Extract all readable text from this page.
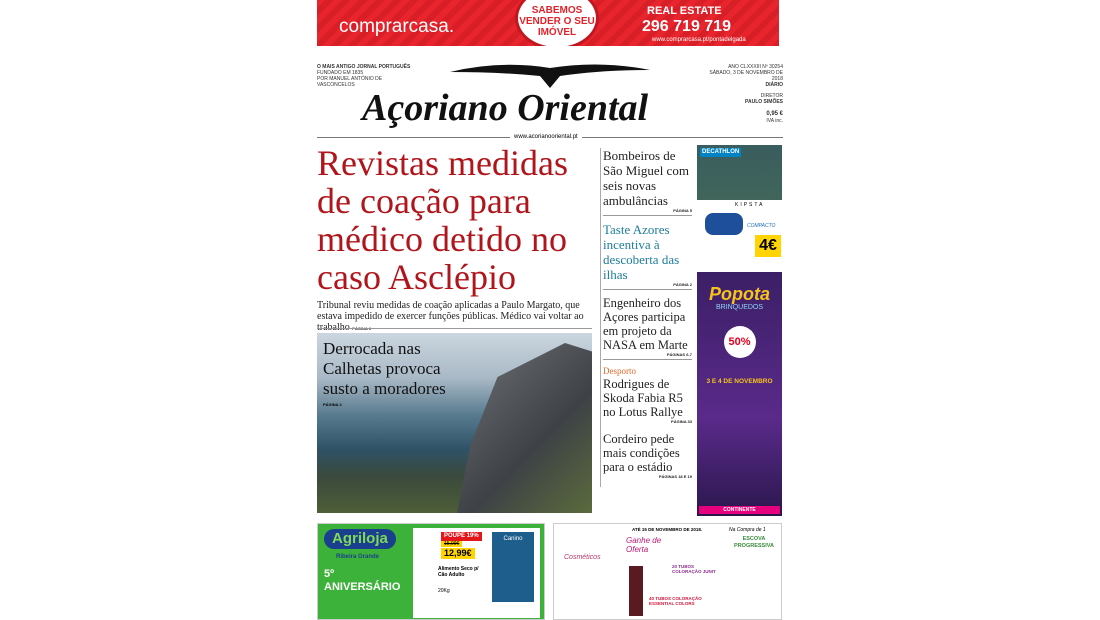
comprarcasa.
SABEMOS VENDER O SEU IMÓVEL
REAL ESTATE
296 719 719
www.comprarcasa.pt/pontadelgada
O MAIS ANTIGO JORNAL PORTUGUÊS
FUNDADO EM 1835
POR MANUEL ANTÓNIO DE VASCONCELOS
Açoriano Oriental
ANO CLXXXIII Nº 30254
SÁBADO, 3 DE NOVEMBRO DE 2018
DIÁRIO
DIRETOR
PAULO SIMÕES
0,95 €
IVA inc.
www.acorianooriental.pt
Revistas medidas de coação para médico detido no caso Asclépio
Tribunal reviu medidas de coação aplicadas a Paulo Margato, que estava impedido de exercer funções públicas. Médico vai voltar ao
Derrocada nas Calhetas provoca susto a moradores
PÁGINA 2
Bombeiros de São Miguel com seis novas ambulâncias
PÁGINA 5
Taste Azores incentiva à descoberta das ilhas
PÁGINA 2
Engenheiro dos Açores participa em projeto da NASA em Marte
PÁGINAS 6-7
Desporto
Rodrigues de Skoda Fabia R5 no Lotus Rallye
PÁGINA 33
Cordeiro pede mais condições para o estádio
PÁGINAS 18 E 19
DECATHLON
KIPSTA
COMPACTO
4€
Popota
BRINQUEDOS
50%
3 E 4 DE NOVEMBRO
CONTINENTE
Agriloja
Ribeira Grande
5º ANIVERSÁRIO
POUPE 19%
15,99€
12,99€
Alimento Seco p/ Cão Adulto
20Kg
Canino
Cosméticos
ATÉ 15 DE NOVEMBRO DE 2018.
Ganhe de Oferta
20 TUBOS COLORAÇÃO JUNIT
40 TUBOS COLORAÇÃO ESSENTIAL COLORS
Na Compra de 1
ESCOVA PROGRESSIVA
